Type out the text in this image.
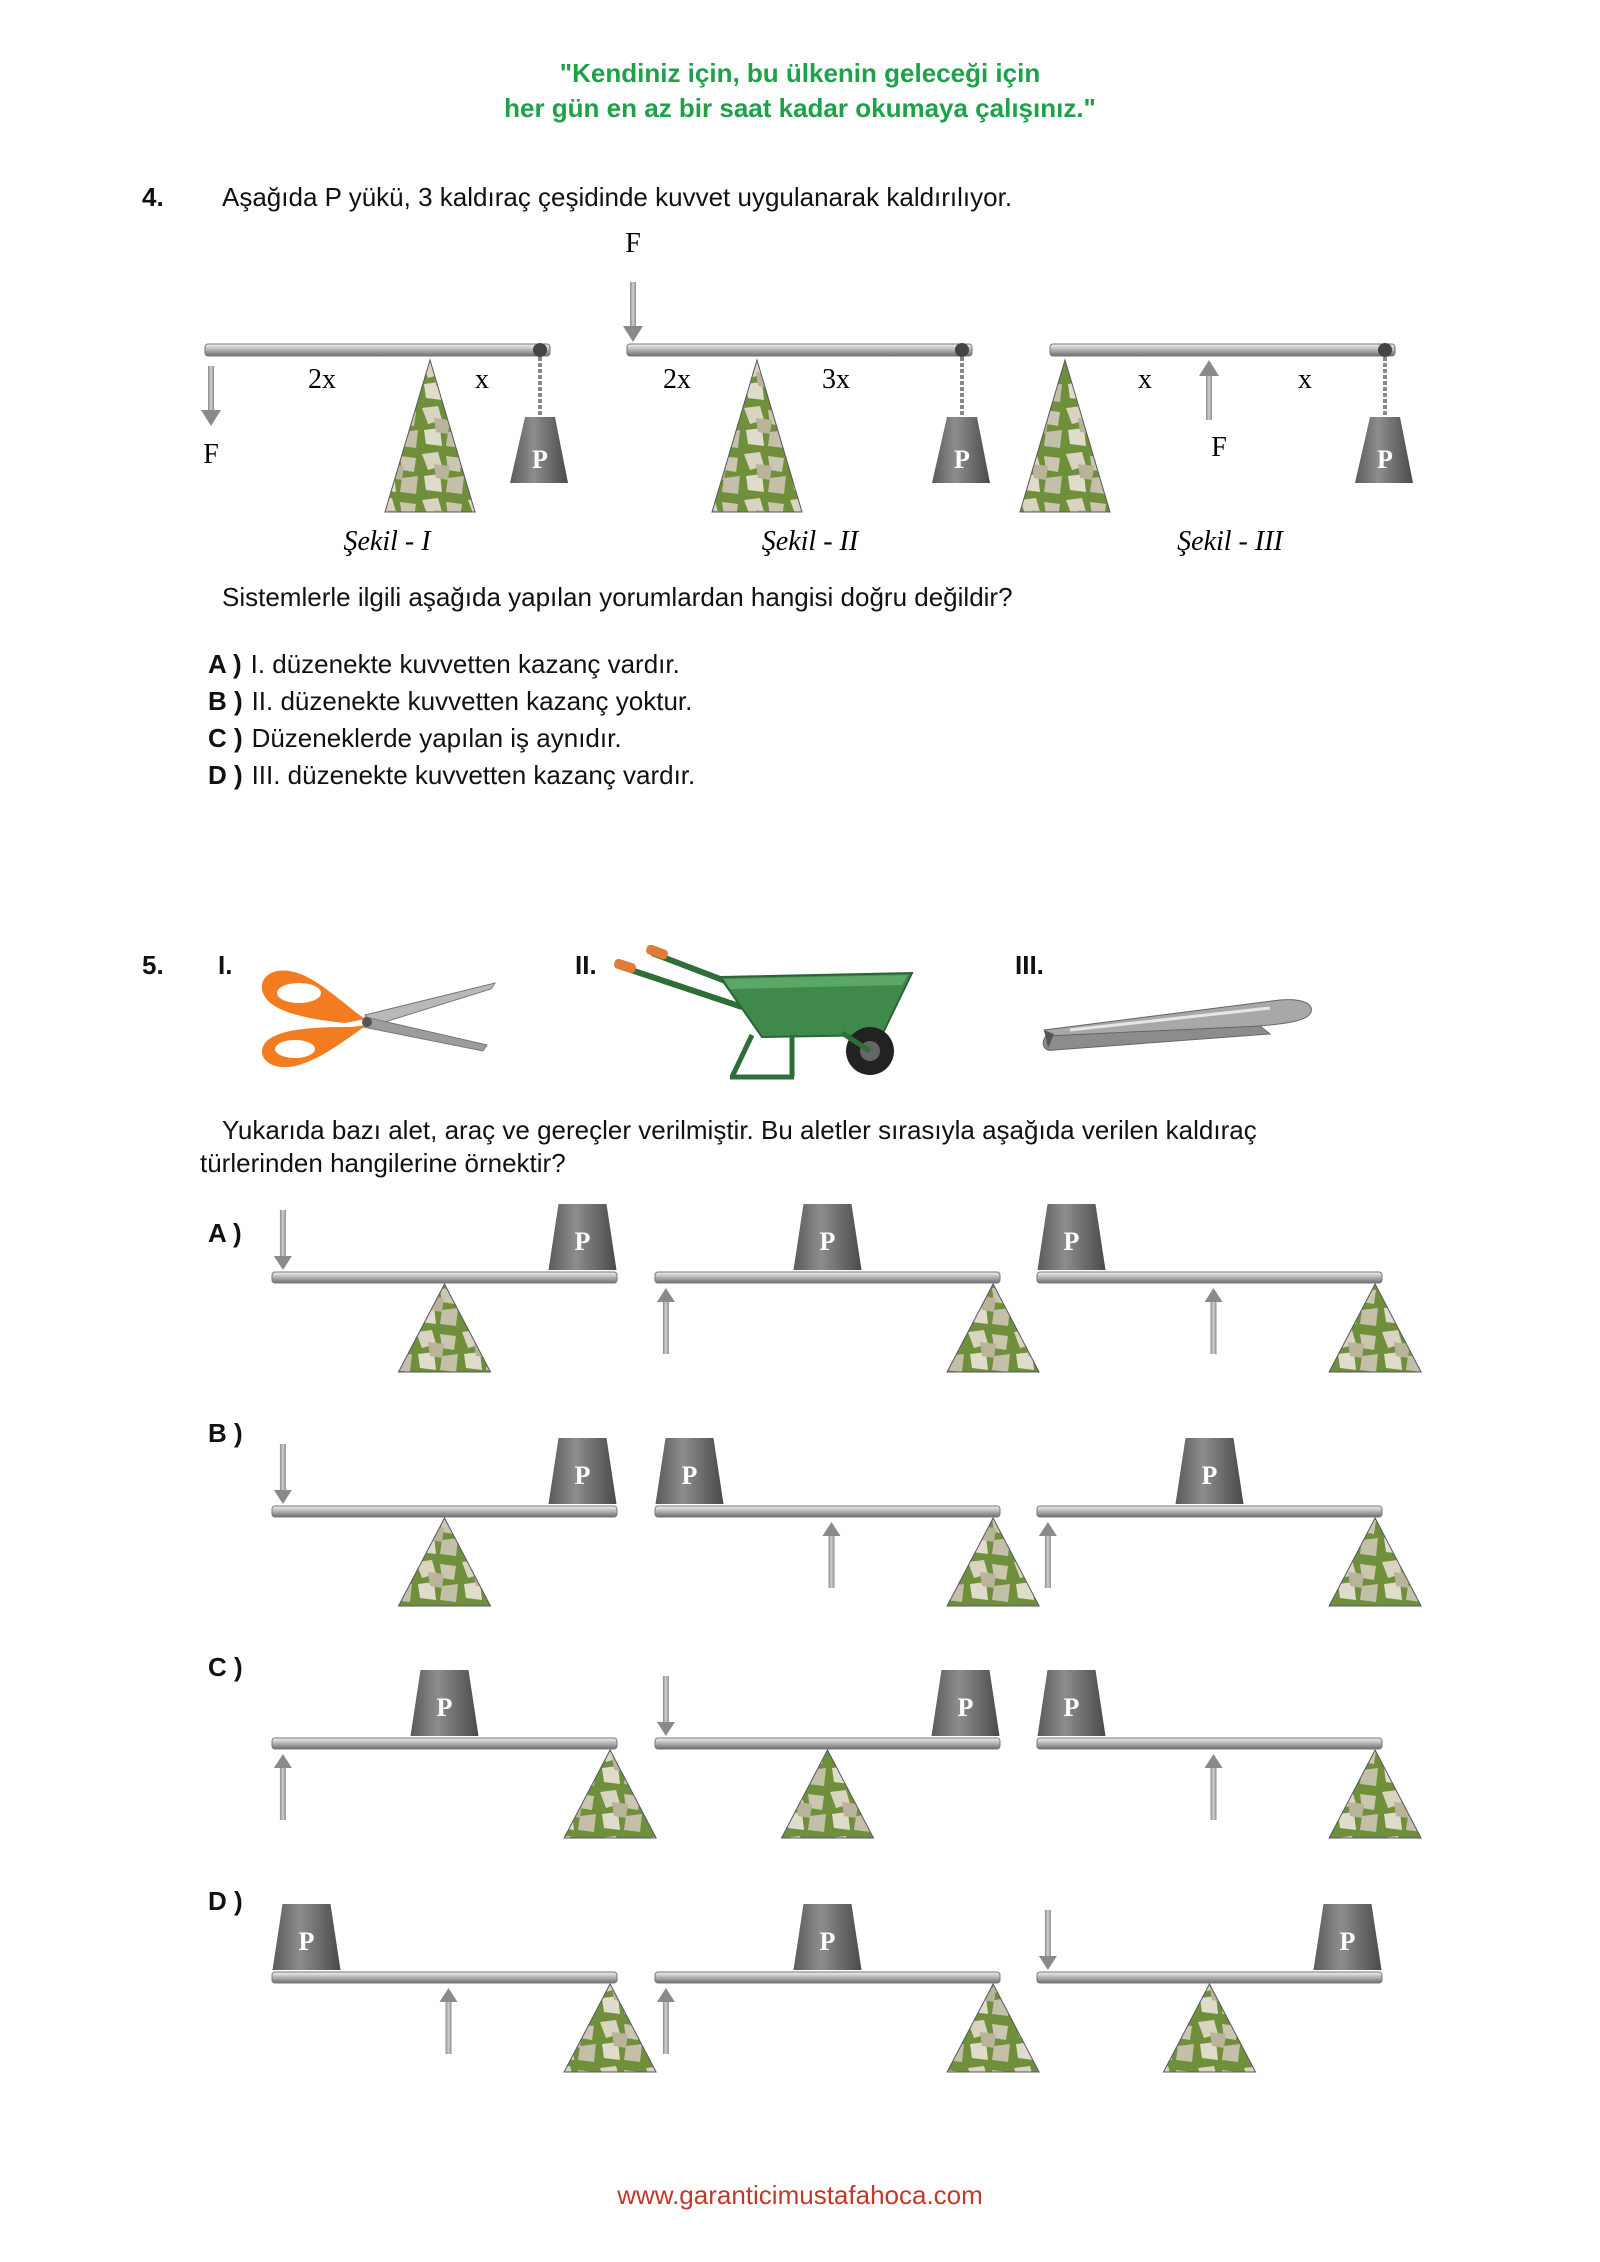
"Kendiniz için, bu ülkenin geleceği için
her gün en az bir saat kadar okumaya çalışınız."
4. Aşağıda P yükü, 3 kaldıraç çeşidinde kuvvet uygulanarak kaldırılıyor.
P
F
2x	x
Şekil - I
P
F
2x	3x
Şekil - II
P
F
x	x
Şekil - III
Sistemlerle ilgili aşağıda yapılan yorumlardan hangisi doğru değildir?
A ) I. düzenekte kuvvetten kazanç vardır.
B ) II. düzenekte kuvvetten kazanç yoktur.
C ) Düzeneklerde yapılan iş aynıdır.
D ) III. düzenekte kuvvetten kazanç vardır.
5. I.	II.	III.
Yukarıda bazı alet, araç ve gereçler verilmiştir. Bu aletler sırasıyla aşağıda verilen kaldıraç
türlerinden hangilerine örnektir?
A )
B )
C )
D )
P	P	P
P	P	P
P	P	P
P	P	P
www.garanticimustafahoca.com
